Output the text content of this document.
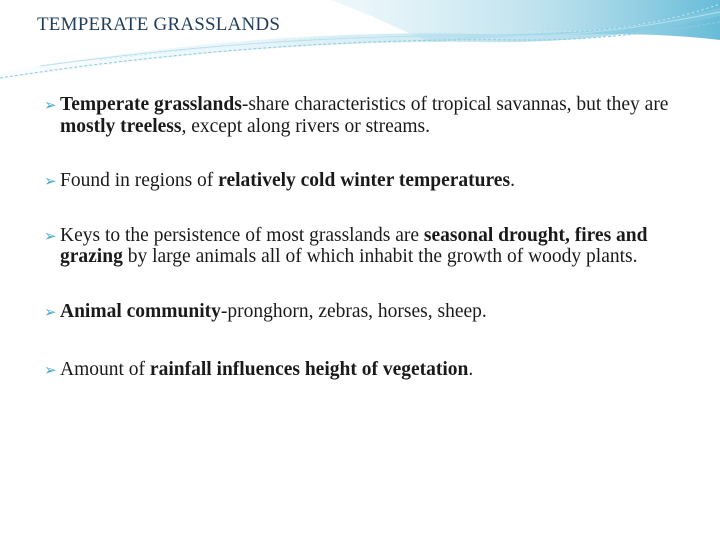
TEMPERATE GRASSLANDS
➢ Temperate grasslands-share characteristics of tropical savannas, but they are mostly treeless, except along rivers or streams.
➢ Found in regions of relatively cold winter temperatures.
➢ Keys to the persistence of most grasslands are seasonal drought, fires and grazing by large animals all of which inhabit the growth of woody plants.
➢ Animal community-pronghorn, zebras, horses, sheep.
➢ Amount of rainfall influences height of vegetation.
